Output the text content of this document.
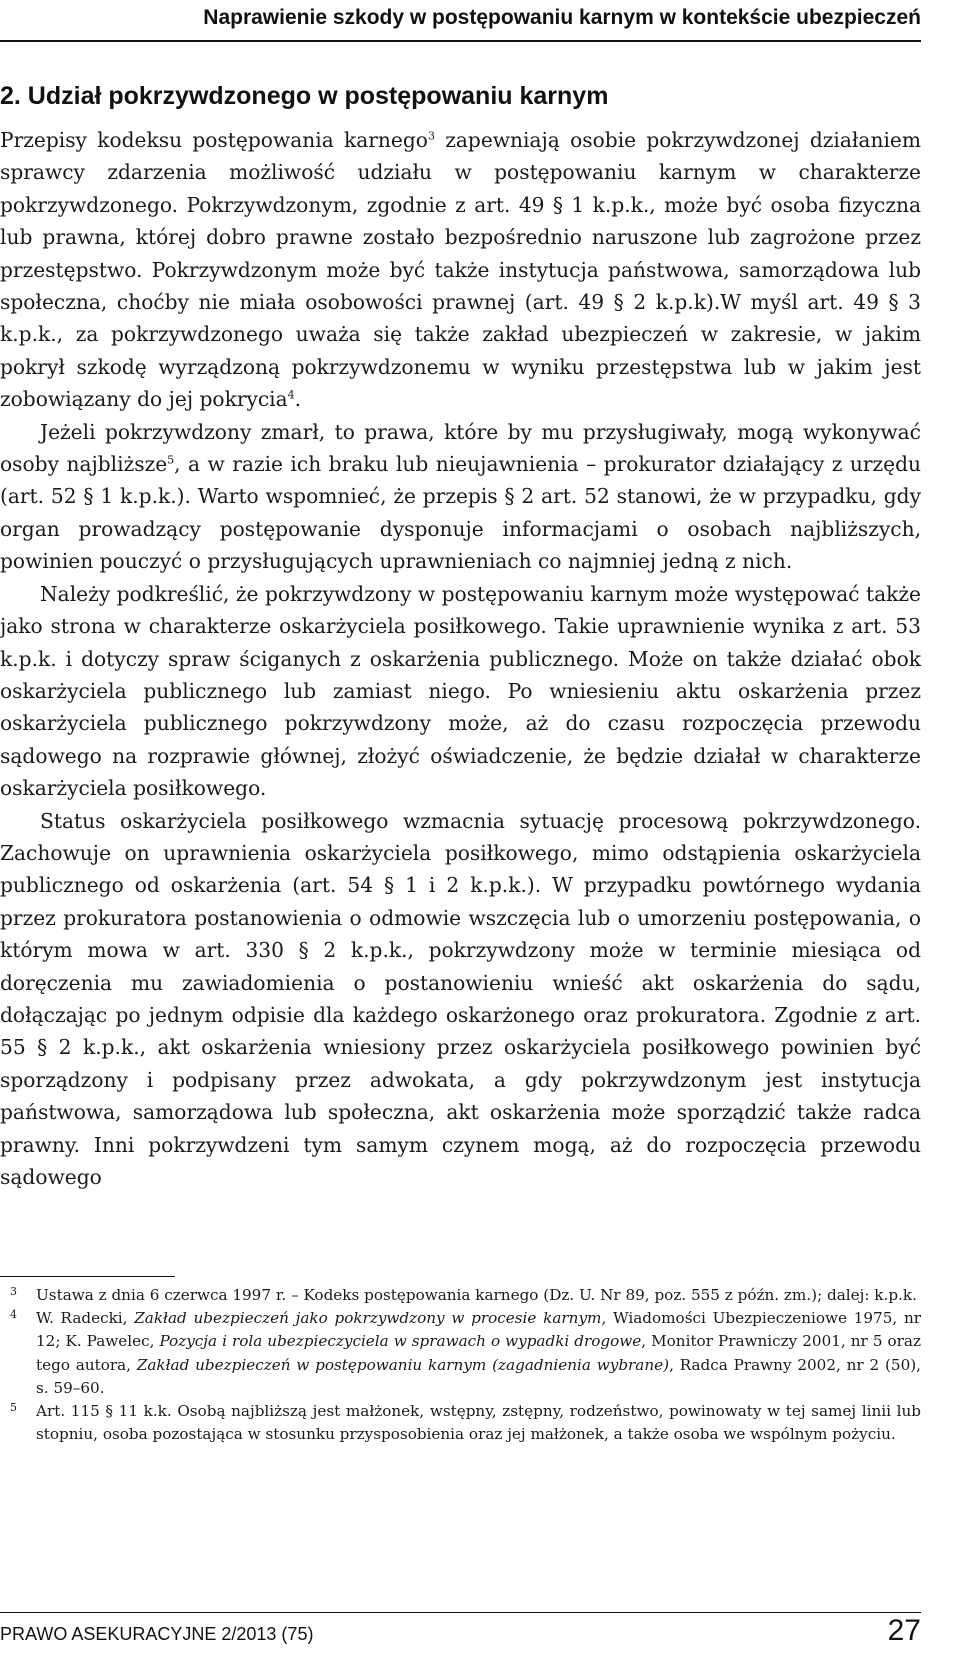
Naprawienie szkody w postępowaniu karnym w kontekście ubezpieczeń
2. Udział pokrzywdzonego w postępowaniu karnym

Przepisy kodeksu postępowania karnego$^3$ zapewniają osobie pokrzywdzonej działaniem sprawcy zdarzenia możliwość udziału w postępowaniu karnym w charakterze pokrzywdzonego. Pokrzywdzonym, zgodnie z art. 49 § 1 k.p.k., może być osoba fizyczna lub prawna, której dobro prawne zostało bezpośrednio naruszone lub zagrożone przez przestępstwo. Pokrzywdzonym może być także instytucja państwowa, samorządowa lub społeczna, choćby nie miała osobowości prawnej (art. 49 § 2 k.p.k).W myśl art. 49 § 3 k.p.k., za pokrzywdzonego uważa się także zakład ubezpieczeń w zakresie, w jakim pokrył szkodę wyrządzoną pokrzywdzonemu w wyniku przestępstwa lub w jakim jest zobowiązany do jej pokrycia$^4$.

Jeżeli pokrzywdzony zmarł, to prawa, które by mu przysługiwały, mogą wykonywać osoby najbliższe$^5$, a w razie ich braku lub nieujawnienia – prokurator działający z urzędu (art. 52 § 1 k.p.k.). Warto wspomnieć, że przepis § 2 art. 52 stanowi, że w przypadku, gdy organ prowadzący postępowanie dysponuje informacjami o osobach najbliższych, powinien pouczyć o przysługujących uprawnieniach co najmniej jedną z nich.

Należy podkreślić, że pokrzywdzony w postępowaniu karnym może występować także jako strona w charakterze oskarżyciela posiłkowego. Takie uprawnienie wynika z art. 53 k.p.k. i dotyczy spraw ściganych z oskarżenia publicznego. Może on także działać obok oskarżyciela publicznego lub zamiast niego. Po wniesieniu aktu oskarżenia przez oskarżyciela publicznego pokrzywdzony może, aż do czasu rozpoczęcia przewodu sądowego na rozprawie głównej, złożyć oświadczenie, że będzie działał w charakterze oskarżyciela posiłkowego.

Status oskarżyciela posiłkowego wzmacnia sytuację procesową pokrzywdzonego. Zachowuje on uprawnienia oskarżyciela posiłkowego, mimo odstąpienia oskarżyciela publicznego od oskarżenia (art. 54 § 1 i 2 k.p.k.). W przypadku powtórnego wydania przez prokuratora postanowienia o odmowie wszczęcia lub o umorzeniu postępowania, o którym mowa w art. 330 § 2 k.p.k., pokrzywdzony może w terminie miesiąca od doręczenia mu zawiadomienia o postanowieniu wnieść akt oskarżenia do sądu, dołączając po jednym odpisie dla każdego oskarżonego oraz prokuratora. Zgodnie z art. 55 § 2 k.p.k., akt oskarżenia wniesiony przez oskarżyciela posiłkowego powinien być sporządzony i podpisany przez adwokata, a gdy pokrzywdzonym jest instytucja państwowa, samorządowa lub społeczna, akt oskarżenia może sporządzić także radca prawny. Inni pokrzywdzeni tym samym czynem mogą, aż do rozpoczęcia przewodu sądowego

3 Ustawa z dnia 6 czerwca 1997 r. – Kodeks postępowania karnego (Dz. U. Nr 89, poz. 555 z późn. zm.); dalej: k.p.k.

4 W. Radecki, Zakład ubezpieczeń jako pokrzywdzony w procesie karnym, Wiadomości Ubezpieczeniowe 1975, nr 12; K. Pawelec, Pozycja i rola ubezpieczyciela w sprawach o wypadki drogowe, Monitor Prawniczy 2001, nr 5 oraz tego autora, Zakład ubezpieczeń w postępowaniu karnym (zagadnienia wybrane), Radca Prawny 2002, nr 2 (50), s. 59–60.

5 Art. 115 § 11 k.k. Osobą najbliższą jest małżonek, wstępny, zstępny, rodzeństwo, powinowaty w tej samej linii lub stopniu, osoba pozostająca w stosunku przysposobienia oraz jej małżonek, a także osoba we wspólnym pożyciu.

PRAWO ASEKURACYJNE 2/2013 (75)	27
